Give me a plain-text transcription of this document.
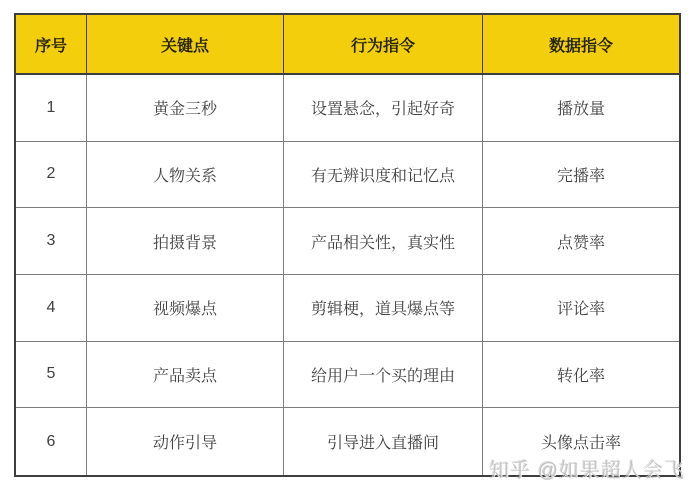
序号	关键点	行为指令	数据指令
1	黄金三秒	设置悬念，引起好奇	播放量
2	人物关系	有无辨识度和记忆点	完播率
3	拍摄背景	产品相关性，真实性	点赞率
4	视频爆点	剪辑梗，道具爆点等	评论率
5	产品卖点	给用户一个买的理由	转化率
6	动作引导	引导进入直播间	头像点击率
知乎 @如果超人会飞
